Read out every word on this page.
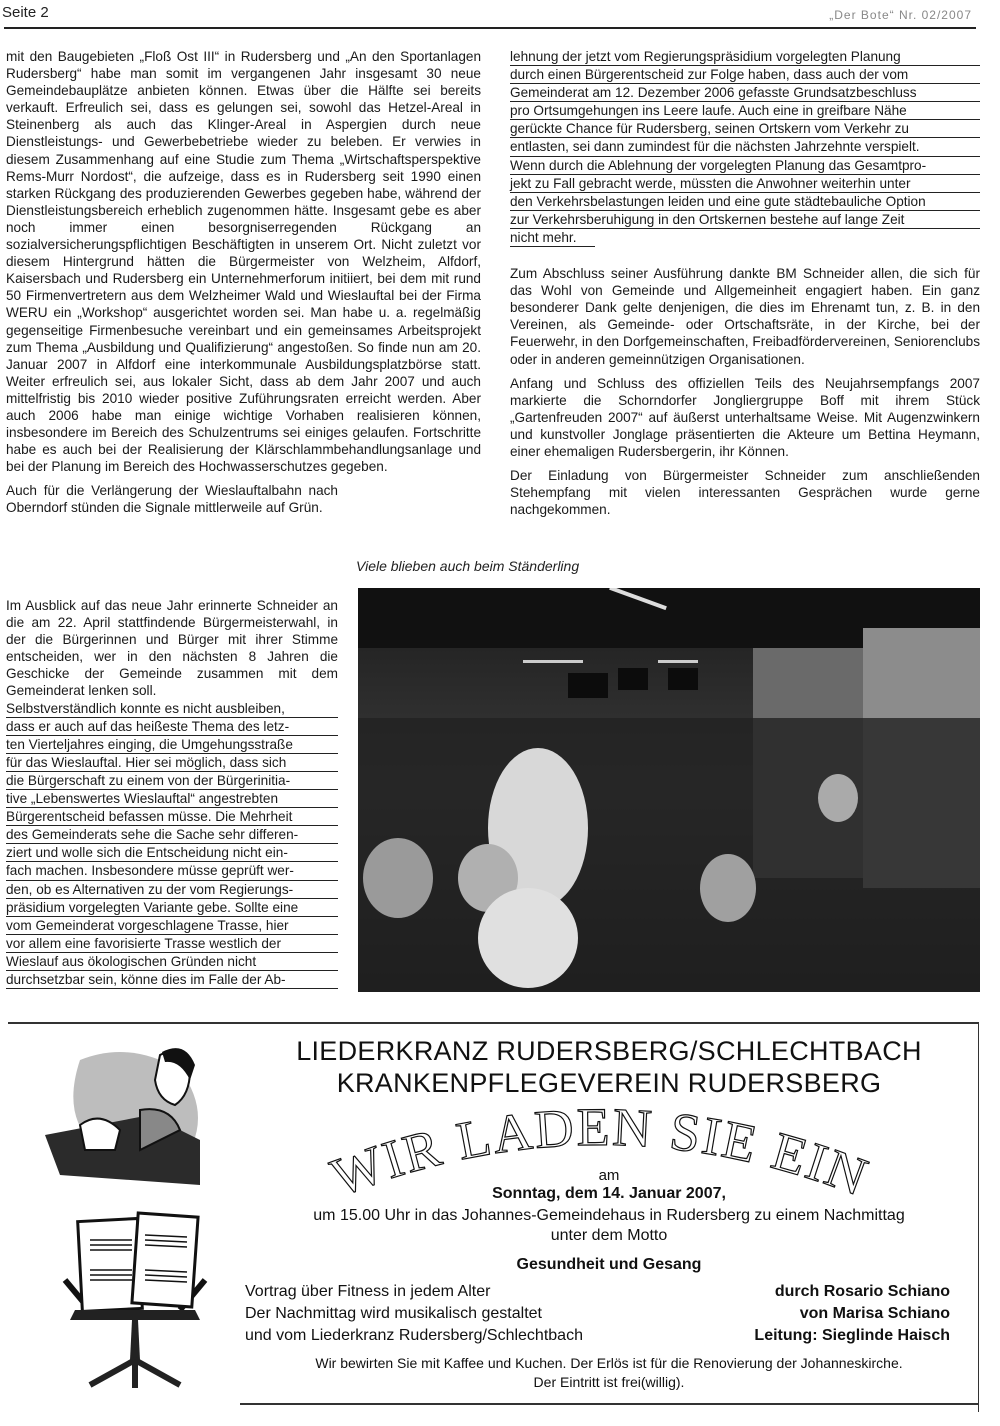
Seite 2	„Der Bote“ Nr. 02/2007

mit den Baugebieten „Floß Ost III“ in Rudersberg und „An den Sportanlagen Rudersberg“ habe man somit im vergangenen Jahr insgesamt 30 neue Gemeindebauplätze anbieten können. Etwas über die Hälfte sei bereits verkauft. Erfreulich sei, dass es gelungen sei, sowohl das Hetzel-Areal in Steinenberg als auch das Klinger-Areal in Aspergien durch neue Dienstleistungs- und Gewerbebetriebe wieder zu beleben. Er verwies in diesem Zusammenhang auf eine Studie zum Thema „Wirtschaftsperspektive Rems-Murr Nordost“, die aufzeige, dass es in Rudersberg seit 1990 einen starken Rückgang des produzierenden Gewerbes gegeben habe, während der Dienstleistungsbereich erheblich zugenommen hätte. Insgesamt gebe es aber noch immer einen besorgniserregenden Rückgang an sozialversicherungspflichtigen Beschäftigten in unserem Ort. Nicht zuletzt vor diesem Hintergrund hätten die Bürgermeister von Welzheim, Alfdorf, Kaisersbach und Rudersberg ein Unternehmerforum initiiert, bei dem mit rund 50 Firmenvertretern aus dem Welzheimer Wald und Wieslauftal bei der Firma WERU ein „Workshop“ ausgerichtet worden sei. Man habe u. a. regelmäßig gegenseitige Firmenbesuche vereinbart und ein gemeinsames Arbeitsprojekt zum Thema „Ausbildung und Qualifizierung“ angestoßen. So finde nun am 20. Januar 2007 in Alfdorf eine interkommunale Ausbildungsplatzbörse statt. Weiter erfreulich sei, aus lokaler Sicht, dass ab dem Jahr 2007 und auch mittelfristig bis 2010 wieder positive Zuführungsraten erreicht werden. Aber auch 2006 habe man einige wichtige Vorhaben realisieren können, insbesondere im Bereich des Schulzentrums sei einiges gelaufen. Fortschritte habe es auch bei der Realisierung der Klärschlammbehandlungsanlage und bei der Planung im Bereich des Hochwasserschutzes gegeben.

Auch für die Verlängerung der Wieslauftalbahn nach Oberndorf stünden die Signale mittlerweile auf Grün.

Im Ausblick auf das neue Jahr erinnerte Schneider an die am 22. April stattfindende Bürgermeisterwahl, in der die Bürgerinnen und Bürger mit ihrer Stimme entscheiden, wer in den nächsten 8 Jahren die Geschicke der Gemeinde zusammen mit dem Gemeinderat lenken soll.

Selbstverständlich konnte es nicht ausbleiben,
dass er auch auf das heißeste Thema des letz-
ten Vierteljahres einging, die Umgehungsstraße
für das Wieslauftal. Hier sei möglich, dass sich
die Bürgerschaft zu einem von der Bürgerinitia-
tive „Lebenswertes Wieslauftal“ angestrebten
Bürgerentscheid befassen müsse. Die Mehrheit
des Gemeinderats sehe die Sache sehr differen-
ziert und wolle sich die Entscheidung nicht ein-
fach machen. Insbesondere müsse geprüft wer-
den, ob es Alternativen zu der vom Regierungs-
präsidium vorgelegten Variante gebe. Sollte eine
vom Gemeinderat vorgeschlagene Trasse, hier
vor allem eine favorisierte Trasse westlich der
Wieslauf aus ökologischen Gründen nicht
durchsetzbar sein, könne dies im Falle der Ab-
lehnung der jetzt vom Regierungspräsidium vorgelegten Planung
durch einen Bürgerentscheid zur Folge haben, dass auch der vom
Gemeinderat am 12. Dezember 2006 gefasste Grundsatzbeschluss
pro Ortsumgehungen ins Leere laufe. Auch eine in greifbare Nähe
gerückte Chance für Rudersberg, seinen Ortskern vom Verkehr zu
entlasten, sei dann zumindest für die nächsten Jahrzehnte verspielt.
Wenn durch die Ablehnung der vorgelegten Planung das Gesamtpro-
jekt zu Fall gebracht werde, müssten die Anwohner weiterhin unter
den Verkehrsbelastungen leiden und eine gute städtebauliche Option
zur Verkehrsberuhigung in den Ortskernen bestehe auf lange Zeit
nicht mehr.

Zum Abschluss seiner Ausführung dankte BM Schneider allen, die sich für das Wohl von Gemeinde und Allgemeinheit engagiert haben. Ein ganz besonderer Dank gelte denjenigen, die dies im Ehrenamt tun, z. B. in den Vereinen, als Gemeinde- oder Ortschaftsräte, in der Kirche, bei der Feuerwehr, in den Dorfgemeinschaften, Freibadfördervereinen, Seniorenclubs oder in anderen gemeinnützigen Organisationen.

Anfang und Schluss des offiziellen Teils des Neujahrsempfangs 2007 markierte die Schorndorfer Jongliergruppe Boff mit ihrem Stück „Gartenfreuden 2007“ auf äußerst unterhaltsame Weise. Mit Augenzwinkern und kunstvoller Jonglage präsentierten die Akteure um Bettina Heymann, einer ehemaligen Rudersbergerin, ihr Können.

Der Einladung von Bürgermeister Schneider zum anschließenden Stehempfang mit vielen interessanten Gesprächen wurde gerne nachgekommen.

Viele blieben auch beim Ständerling
LIEDERKRANZ RUDERSBERG/SCHLECHTBACH
KRANKENPFLEGEVEREIN RUDERSBERG
WIR LADEN SIE EIN
am
Sonntag, dem 14. Januar 2007,
um 15.00 Uhr in das Johannes-Gemeindehaus in Rudersberg zu einem Nachmittag
unter dem Motto
Gesundheit und Gesang
Vortrag über Fitness in jedem Alter	durch Rosario Schiano
Der Nachmittag wird musikalisch gestaltet	von Marisa Schiano
und vom Liederkranz Rudersberg/Schlechtbach	Leitung: Sieglinde Haisch
Wir bewirten Sie mit Kaffee und Kuchen. Der Erlös ist für die Renovierung der Johanneskirche.
Der Eintritt ist frei(willig).
